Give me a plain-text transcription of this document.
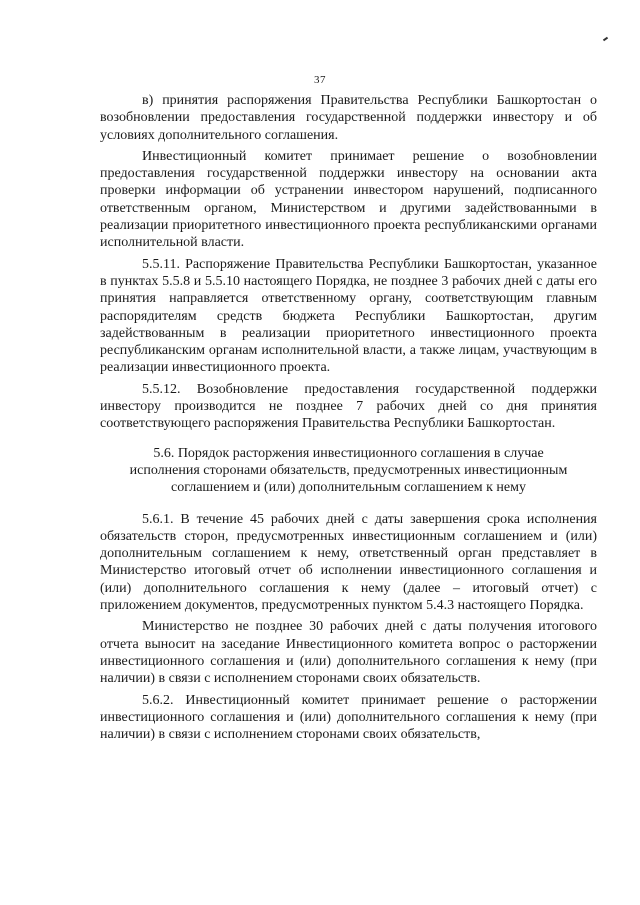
37

в) принятия распоряжения Правительства Республики Башкортостан о возобновлении предоставления государственной поддержки инвестору и об условиях дополнительного соглашения.

Инвестиционный комитет принимает решение о возобновлении предоставления государственной поддержки инвестору на основании акта проверки информации об устранении инвестором нарушений, подписанного ответственным органом, Министерством и другими задействованными в реализации приоритетного инвестиционного проекта республиканскими органами исполнительной власти.

5.5.11. Распоряжение Правительства Республики Башкортостан, указанное в пунктах 5.5.8 и 5.5.10 настоящего Порядка, не позднее 3 рабочих дней с даты его принятия направляется ответственному органу, соответствующим главным распорядителям средств бюджета Республики Башкортостан, другим задействованным в реализации приоритетного инвестиционного проекта республиканским органам исполнительной власти, а также лицам, участвующим в реализации инвестиционного проекта.

5.5.12. Возобновление предоставления государственной поддержки инвестору производится не позднее 7 рабочих дней со дня принятия соответствующего распоряжения Правительства Республики Башкортостан.

5.6. Порядок расторжения инвестиционного соглашения в случае
исполнения сторонами обязательств, предусмотренных инвестиционным
соглашением и (или) дополнительным соглашением к нему

5.6.1. В течение 45 рабочих дней с даты завершения срока исполнения обязательств сторон, предусмотренных инвестиционным соглашением и (или) дополнительным соглашением к нему, ответственный орган представляет в Министерство итоговый отчет об исполнении инвестиционного соглашения и (или) дополнительного соглашения к нему (далее – итоговый отчет) с приложением документов, предусмотренных пунктом 5.4.3 настоящего Порядка.

Министерство не позднее 30 рабочих дней с даты получения итогового отчета выносит на заседание Инвестиционного комитета вопрос о расторжении инвестиционного соглашения и (или) дополнительного соглашения к нему (при наличии) в связи с исполнением сторонами своих обязательств.

5.6.2. Инвестиционный комитет принимает решение о расторжении инвестиционного соглашения и (или) дополнительного соглашения к нему (при наличии) в связи с исполнением сторонами своих обязательств,
